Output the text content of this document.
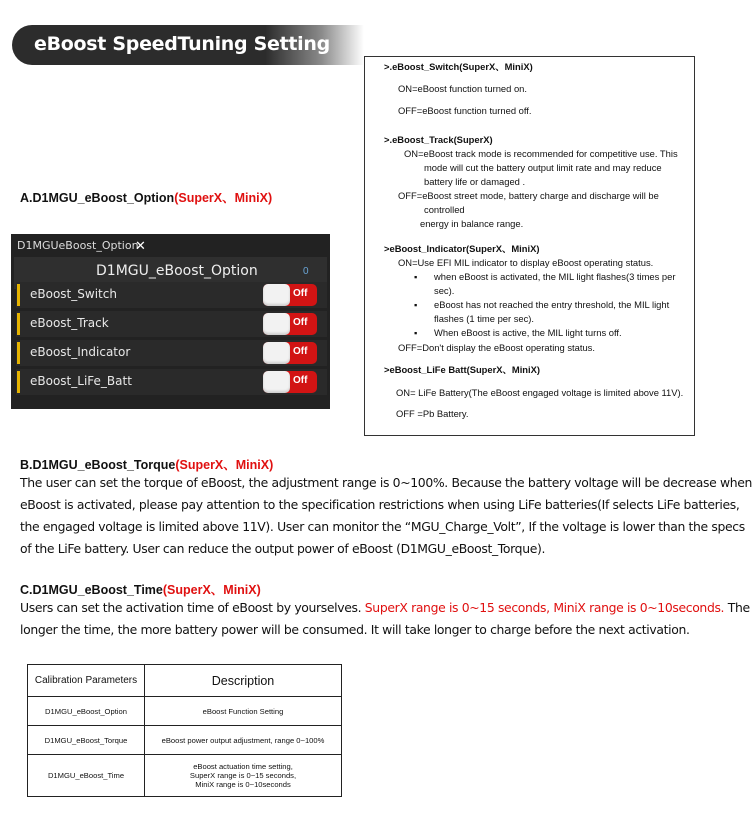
eBoost SpeedTuning Setting
>.eBoost_Switch(SuperX、MiniX)
ON=eBoost function turned on.
OFF=eBoost function turned off.
>.eBoost_Track(SuperX)
ON=eBoost track mode is recommended for competitive use. This
mode will cut the battery output limit rate and may reduce
battery life or damaged .
OFF=eBoost street mode, battery charge and discharge will be
controlled
energy in balance range.
>eBoost_Indicator(SuperX、MiniX)
ON=Use EFI MIL indicator to display eBoost operating status.
▪ when eBoost is activated, the MIL light flashes(3 times per
sec).
▪ eBoost has not reached the entry threshold, the MIL light
flashes (1 time per sec).
▪ When eBoost is active, the MIL light turns off.
OFF=Don't display the eBoost operating status.
>eBoost_LiFe Batt(SuperX、MiniX)
ON= LiFe Battery(The eBoost engaged voltage is limited above 11V).
OFF =Pb Battery.
A.D1MGU_eBoost_Option(SuperX、MiniX)
D1MGUeBoost_Option
✕
D1MGU_eBoost_Option	0
eBoost_Switch	Off
eBoost_Track	Off
eBoost_Indicator	Off
eBoost_LiFe_Batt	Off
B.D1MGU_eBoost_Torque(SuperX、MiniX)
The user can set the torque of eBoost, the adjustment range is 0~100%. Because the battery voltage will be decrease when
eBoost is activated, please pay attention to the specification restrictions when using LiFe batteries(If selects LiFe batteries,
the engaged voltage is limited above 11V). User can monitor the “MGU_Charge_Volt”, If the voltage is lower than the specs
of the LiFe battery. User can reduce the output power of eBoost (D1MGU_eBoost_Torque).
C.D1MGU_eBoost_Time(SuperX、MiniX)
Users can set the activation time of eBoost by yourselves. SuperX range is 0~15 seconds, MiniX range is 0~10seconds. The
longer the time, the more battery power will be consumed. It will take longer to charge before the next activation.
Calibration Parameters	Description
D1MGU_eBoost_Option	eBoost Function Setting
D1MGU_eBoost_Torque	eBoost power output adjustment, range 0~100%
D1MGU_eBoost_Time	eBoost actuation time setting,
SuperX range is 0~15 seconds,
MiniX range is 0~10seconds
